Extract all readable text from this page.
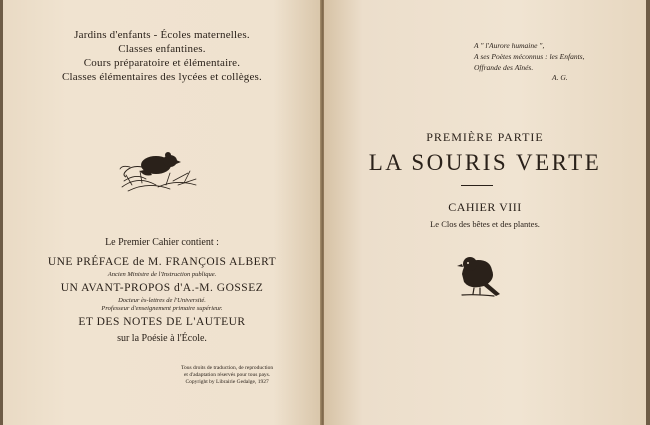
Jardins d'enfants - Écoles maternelles.
Classes enfantines.
Cours préparatoire et élémentaire.
Classes élémentaires des lycées et collèges.
Le Premier Cahier contient :
UNE PRÉFACE de M. FRANÇOIS ALBERT
Ancien Ministre de l'Instruction publique.
UN AVANT-PROPOS d'A.-M. GOSSEZ
Docteur ès-lettres de l'Université.
Professeur d'enseignement primaire supérieur.
ET DES NOTES DE L'AUTEUR
sur la Poésie à l'École.
Tous droits de traduction, de reproduction
et d'adaptation réservés pour tous pays.
Copyright by Librairie Gedalge, 1927
A " l'Aurore humaine ",
A ses Poètes méconnus : les Enfants,
Offrande des Aînés.
A. G.
PREMIÈRE PARTIE
LA SOURIS VERTE
CAHIER VIII
Le Clos des bêtes et des plantes.
